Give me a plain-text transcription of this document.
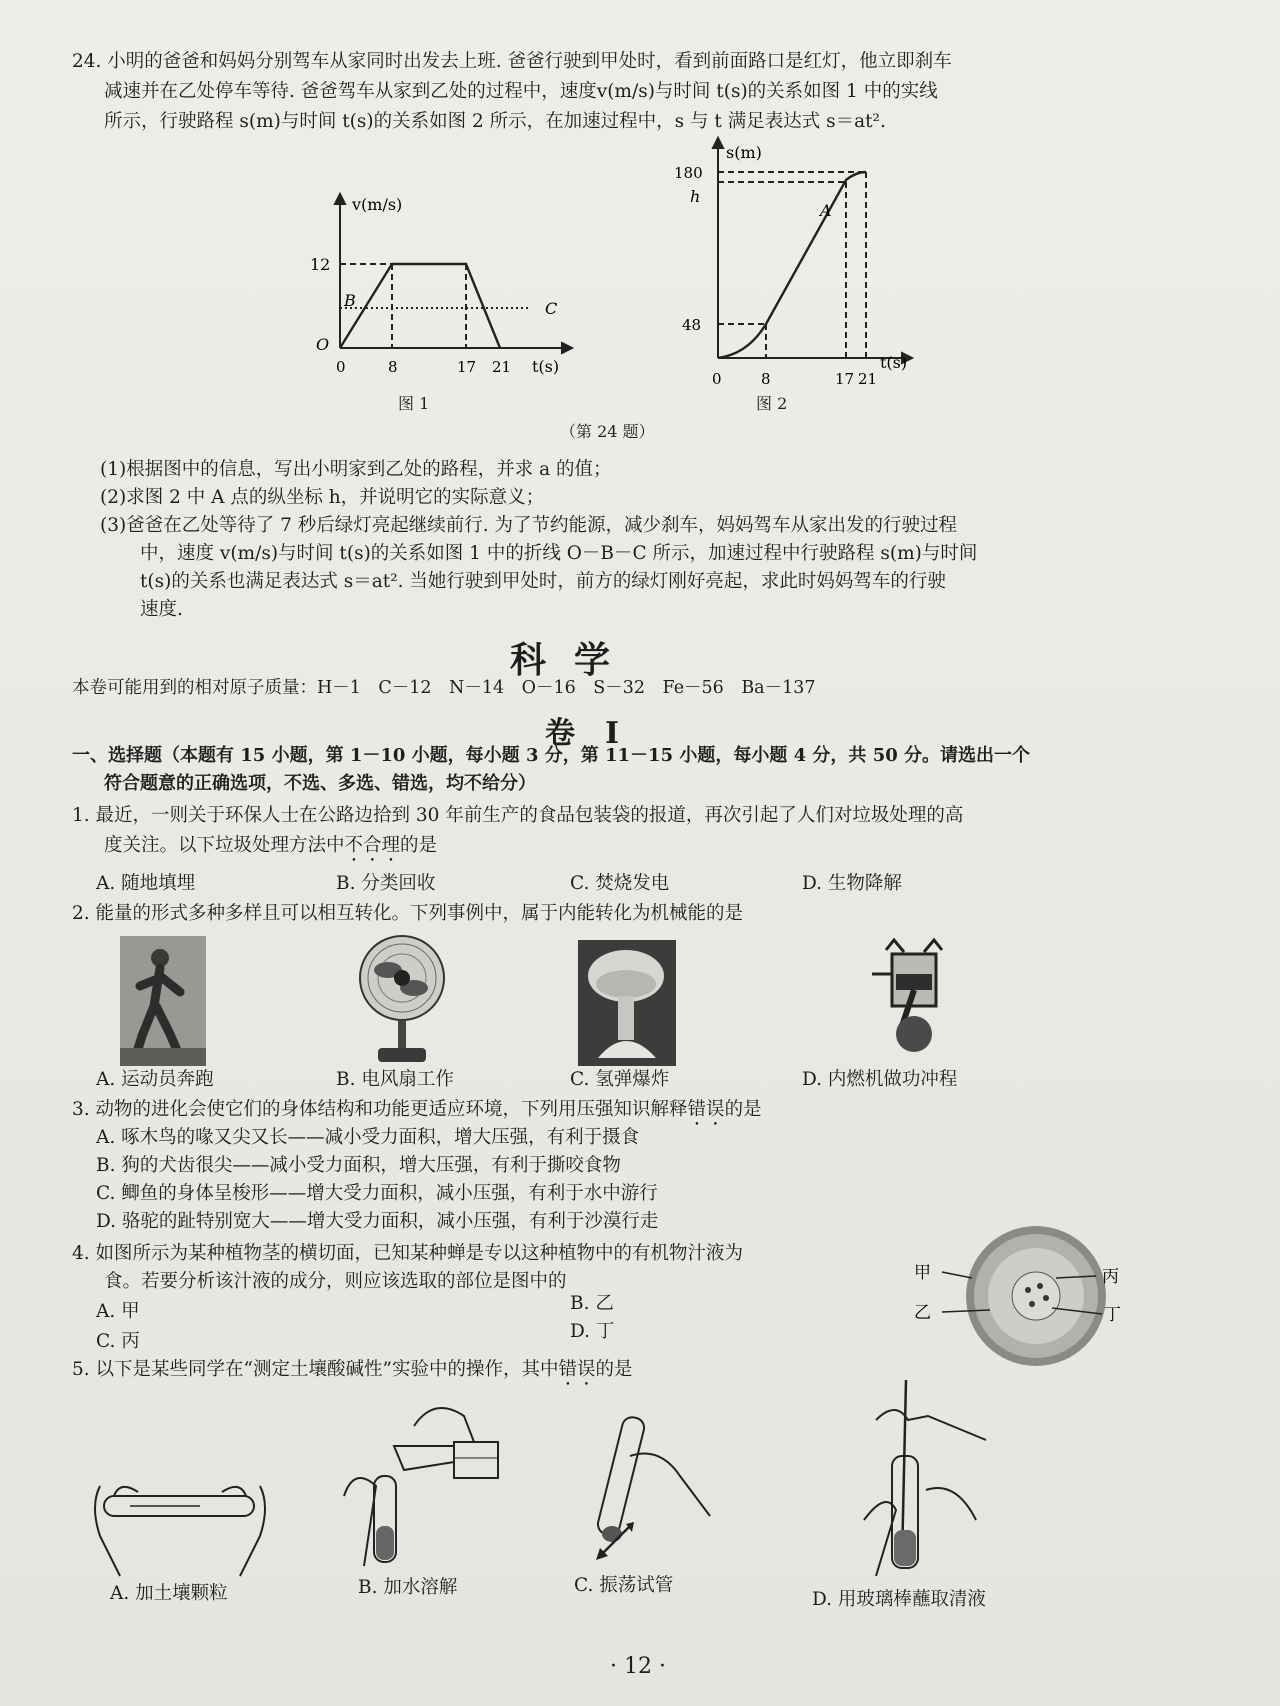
24. 小明的爸爸和妈妈分别驾车从家同时出发去上班. 爸爸行驶到甲处时，看到前面路口是红灯，他立即刹车
减速并在乙处停车等待. 爸爸驾车从家到乙处的过程中，速度v(m/s)与时间 t(s)的关系如图 1 中的实线
所示，行驶路程 s(m)与时间 t(s)的关系如图 2 所示，在加速过程中，s 与 t 满足表达式 s＝at².
v(m/s)
12
B	C
O
0	8	17 21 t(s)
图 1
s(m)
180
h
A
48
0	8	17 21
t(s)
图 2
（第 24 题）
(1)根据图中的信息，写出小明家到乙处的路程，并求 a 的值；
(2)求图 2 中 A 点的纵坐标 h，并说明它的实际意义；
(3)爸爸在乙处等待了 7 秒后绿灯亮起继续前行. 为了节约能源，减少刹车，妈妈驾车从家出发的行驶过程
中，速度 v(m/s)与时间 t(s)的关系如图 1 中的折线 O－B－C 所示，加速过程中行驶路程 s(m)与时间
t(s)的关系也满足表达式 s＝at². 当她行驶到甲处时，前方的绿灯刚好亮起，求此时妈妈驾车的行驶
速度.
科学
本卷可能用到的相对原子质量：H－1　C－12　N－14　O－16　S－32　Fe－56　Ba－137
卷　Ⅰ
一、选择题（本题有 15 小题，第 1－10 小题，每小题 3 分，第 11－15 小题，每小题 4 分，共 50 分。请选出一个
符合题意的正确选项，不选、多选、错选，均不给分）
1. 最近，一则关于环保人士在公路边拾到 30 年前生产的食品包装袋的报道，再次引起了人们对垃圾处理的高
度关注。以下垃圾处理方法中不合理的是
A. 随地填埋	B. 分类回收	C. 焚烧发电	D. 生物降解
2. 能量的形式多种多样且可以相互转化。下列事例中，属于内能转化为机械能的是
A. 运动员奔跑	B. 电风扇工作	C. 氢弹爆炸	D. 内燃机做功冲程
3. 动物的进化会使它们的身体结构和功能更适应环境，下列用压强知识解释错误的是
A. 啄木鸟的喙又尖又长——减小受力面积，增大压强，有利于摄食
B. 狗的犬齿很尖——减小受力面积，增大压强，有利于撕咬食物
C. 鲫鱼的身体呈梭形——增大受力面积，减小压强，有利于水中游行
D. 骆驼的趾特别宽大——增大受力面积，减小压强，有利于沙漠行走
4. 如图所示为某种植物茎的横切面，已知某种蝉是专以这种植物中的有机物汁液为
食。若要分析该汁液的成分，则应该选取的部位是图中的
A. 甲	B. 乙
C. 丙	D. 丁
甲
乙
丙
丁
5. 以下是某些同学在“测定土壤酸碱性”实验中的操作，其中错误的是
A. 加土壤颗粒	B. 加水溶解	C. 振荡试管
D. 用玻璃棒蘸取清液
· 12 ·
